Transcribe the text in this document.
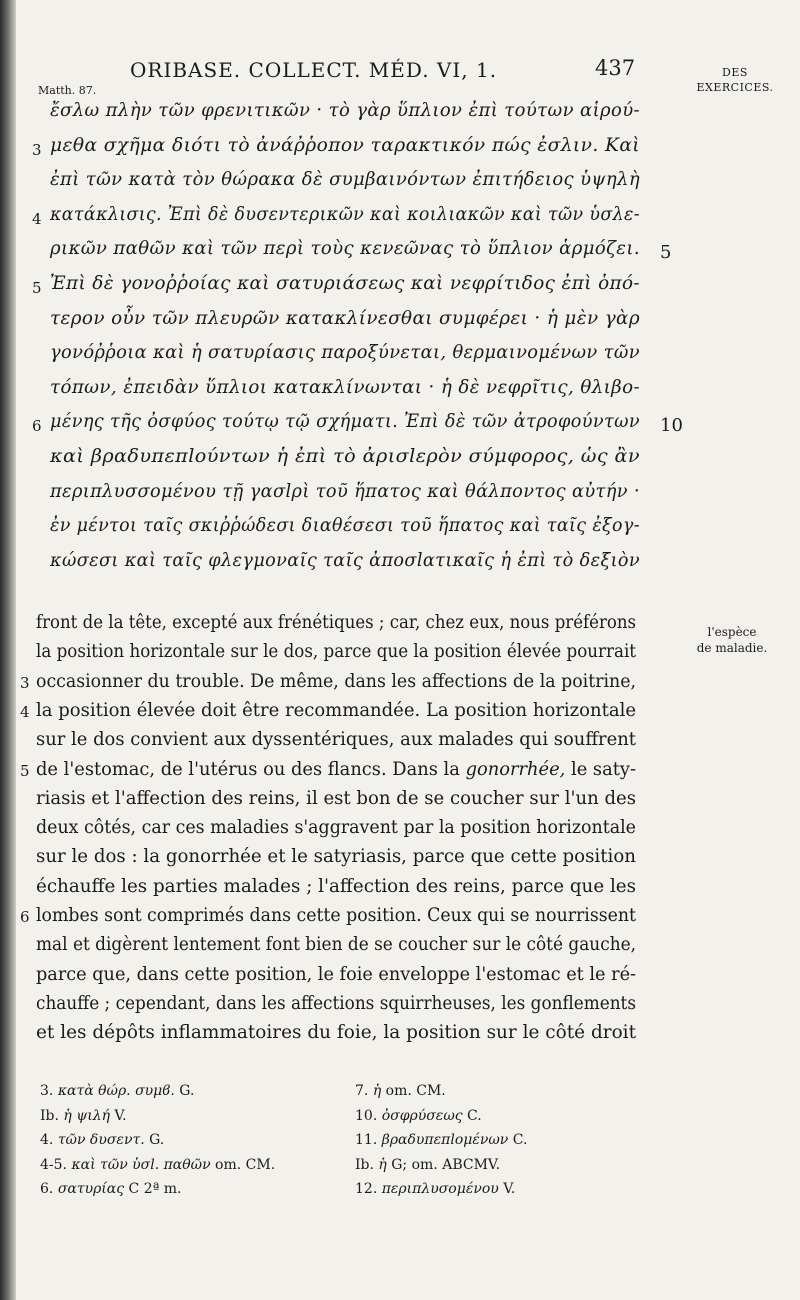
ORIBASE. COLLECT. MÉD. VI, 1.	437	DES
EXERCICES.
Matth. 87.
ἔσλω πλὴν τῶν φρενιτικῶν · τὸ γὰρ ὕπλιον ἐπὶ τούτων αἱρού-
3 μεθα σχῆμα διότι τὸ ἀνάῤῥοπον ταρακτικόν πώς ἐσλιν. Καὶ
ἐπὶ τῶν κατὰ τὸν θώρακα δὲ συμβαινόντων ἐπιτήδειος ὑψηλὴ
4 κατάκλισις. Ἐπὶ δὲ δυσεντερικῶν καὶ κοιλιακῶν καὶ τῶν ὑσλε-
ρικῶν παθῶν καὶ τῶν περὶ τοὺς κενεῶνας τὸ ὕπλιον ἁρμόζει.
5 Ἐπὶ δὲ γονοῤῥοίας καὶ σατυριάσεως καὶ νεφρίτιδος ἐπὶ ὁπό-
τερον οὖν τῶν πλευρῶν κατακλίνεσθαι συμφέρει · ἡ μὲν γὰρ
γονόῤῥοια καὶ ἡ σατυρίασις παροξύνεται, θερμαινομένων τῶν
τόπων, ἐπειδὰν ὕπλιοι κατακλίνωνται · ἡ δὲ νεφρῖτις, θλιβο-
6 μένης τῆς ὀσφύος τούτῳ τῷ σχήματι. Ἐπὶ δὲ τῶν ἀτροφούντων
καὶ βραδυπεπlούντων ἡ ἐπὶ τὸ ἀρισlερὸν σύμφορος, ὡς ἂν
περιπλυσσομένου τῇ γασlρὶ τοῦ ἥπατος καὶ θάλποντος αὐτήν ·
ἐν μέντοι ταῖς σκιῤῥώδεσι διαθέσεσι τοῦ ἥπατος καὶ ταῖς ἐξογ-
κώσεσι καὶ ταῖς φλεγμοναῖς ταῖς ἀποσlατικαῖς ἡ ἐπὶ τὸ δεξιὸν
5
10
front de la tête, excepté aux frénétiques ; car, chez eux, nous préférons
la position horizontale sur le dos, parce que la position élevée pourrait
3 occasionner du trouble. De même, dans les affections de la poitrine,
4 la position élevée doit être recommandée. La position horizontale
sur le dos convient aux dyssentériques, aux malades qui souffrent
5 de l'estomac, de l'utérus ou des flancs. Dans la gonorrhée, le saty-
riasis et l'affection des reins, il est bon de se coucher sur l'un des
deux côtés, car ces maladies s'aggravent par la position horizontale
sur le dos : la gonorrhée et le satyriasis, parce que cette position
échauffe les parties malades ; l'affection des reins, parce que les
6 lombes sont comprimés dans cette position. Ceux qui se nourrissent
mal et digèrent lentement font bien de se coucher sur le côté gauche,
parce que, dans cette position, le foie enveloppe l'estomac et le ré-
chauffe ; cependant, dans les affections squirrheuses, les gonflements
et les dépôts inflammatoires du foie, la position sur le côté droit
l'espèce
de maladie.
3. κατὰ θώρ. συμϐ. G.
Ib. ἡ ψιλή V.
4. τῶν δυσεντ. G.
4-5. καὶ τῶν ὑσl. παθῶν om. CM.
6. σατυρίας C 2ª m.
7. ἡ om. CM.
10. ὀσφρύσεως C.
11. βραδυπεπlομένων C.
Ib. ἡ G; om. ABCMV.
12. περιπλυσομένου V.
